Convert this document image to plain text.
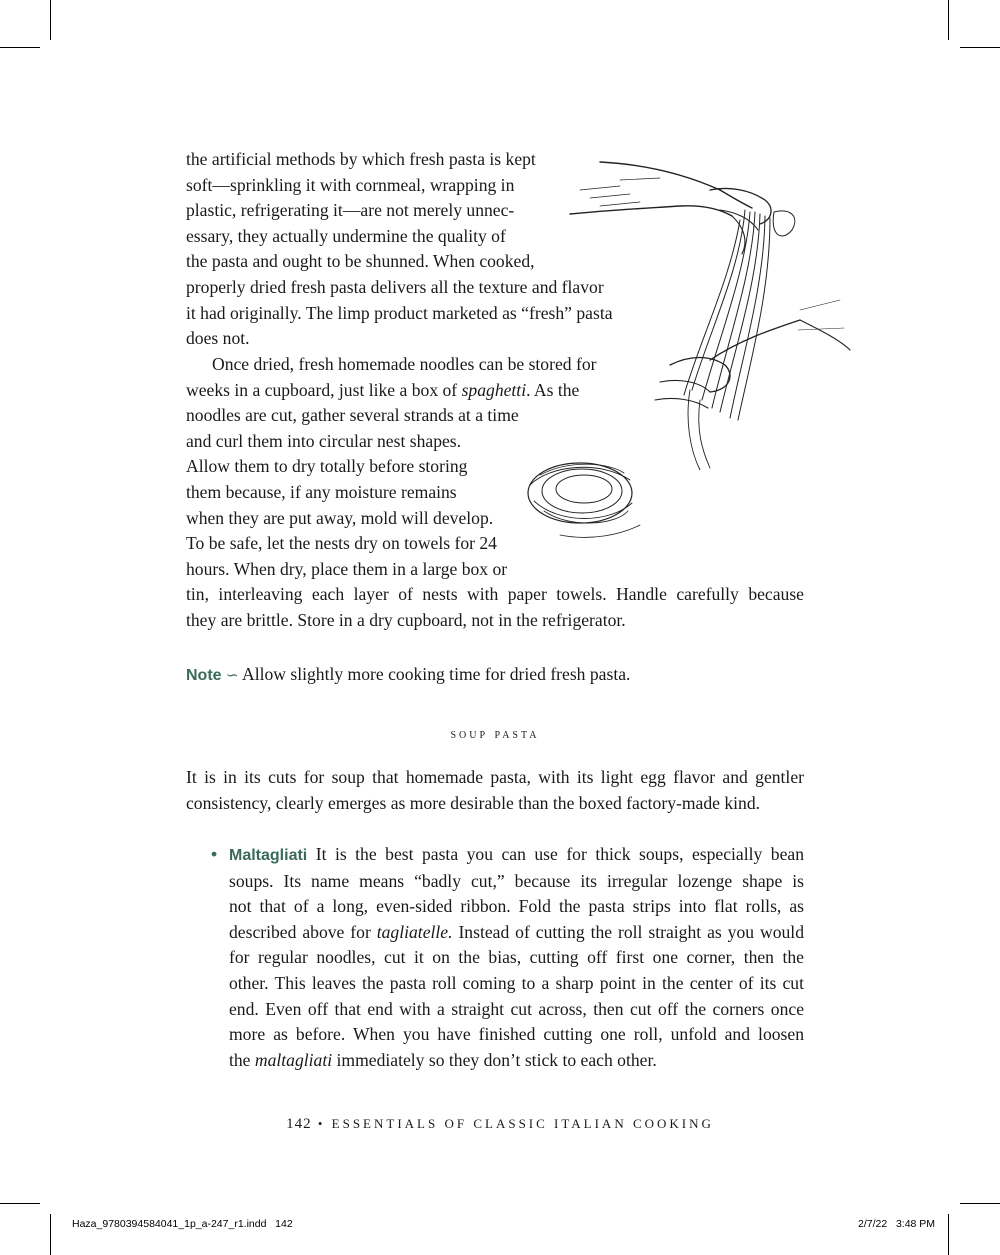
the artificial methods by which fresh pasta is kept
soft—sprinkling it with cornmeal, wrapping in
plastic, refrigerating it—are not merely unnec-
essary, they actually undermine the quality of
the pasta and ought to be shunned. When cooked,
properly dried fresh pasta delivers all the texture and flavor
it had originally. The limp product marketed as “fresh” pasta
does not.
Once dried, fresh homemade noodles can be stored for
weeks in a cupboard, just like a box of spaghetti. As the
noodles are cut, gather several strands at a time
and curl them into circular nest shapes.
Allow them to dry totally before storing
them because, if any moisture remains
when they are put away, mold will develop.
To be safe, let the nests dry on towels for 24
hours. When dry, place them in a large box or
tin, interleaving each layer of nests with paper towels. Handle carefully because
they are brittle. Store in a dry cupboard, not in the refrigerator.
Note ∽ Allow slightly more cooking time for dried fresh pasta.
soup pasta
It is in its cuts for soup that homemade pasta, with its light egg flavor and gentler
consistency, clearly emerges as more desirable than the boxed factory-made kind.
• Maltagliati It is the best pasta you can use for thick soups, especially bean
soups. Its name means “badly cut,” because its irregular lozenge shape is
not that of a long, even-sided ribbon. Fold the pasta strips into flat rolls, as
described above for tagliatelle. Instead of cutting the roll straight as you would
for regular noodles, cut it on the bias, cutting off first one corner, then the
other. This leaves the pasta roll coming to a sharp point in the center of its cut
end. Even off that end with a straight cut across, then cut off the corners once
more as before. When you have finished cutting one roll, unfold and loosen
the maltagliati immediately so they don’t stick to each other.
142 • ESSENTIALS OF CLASSIC ITALIAN COOKING
Haza_9780394584041_1p_a-247_r1.indd   142	2/7/22   3:48 PM
